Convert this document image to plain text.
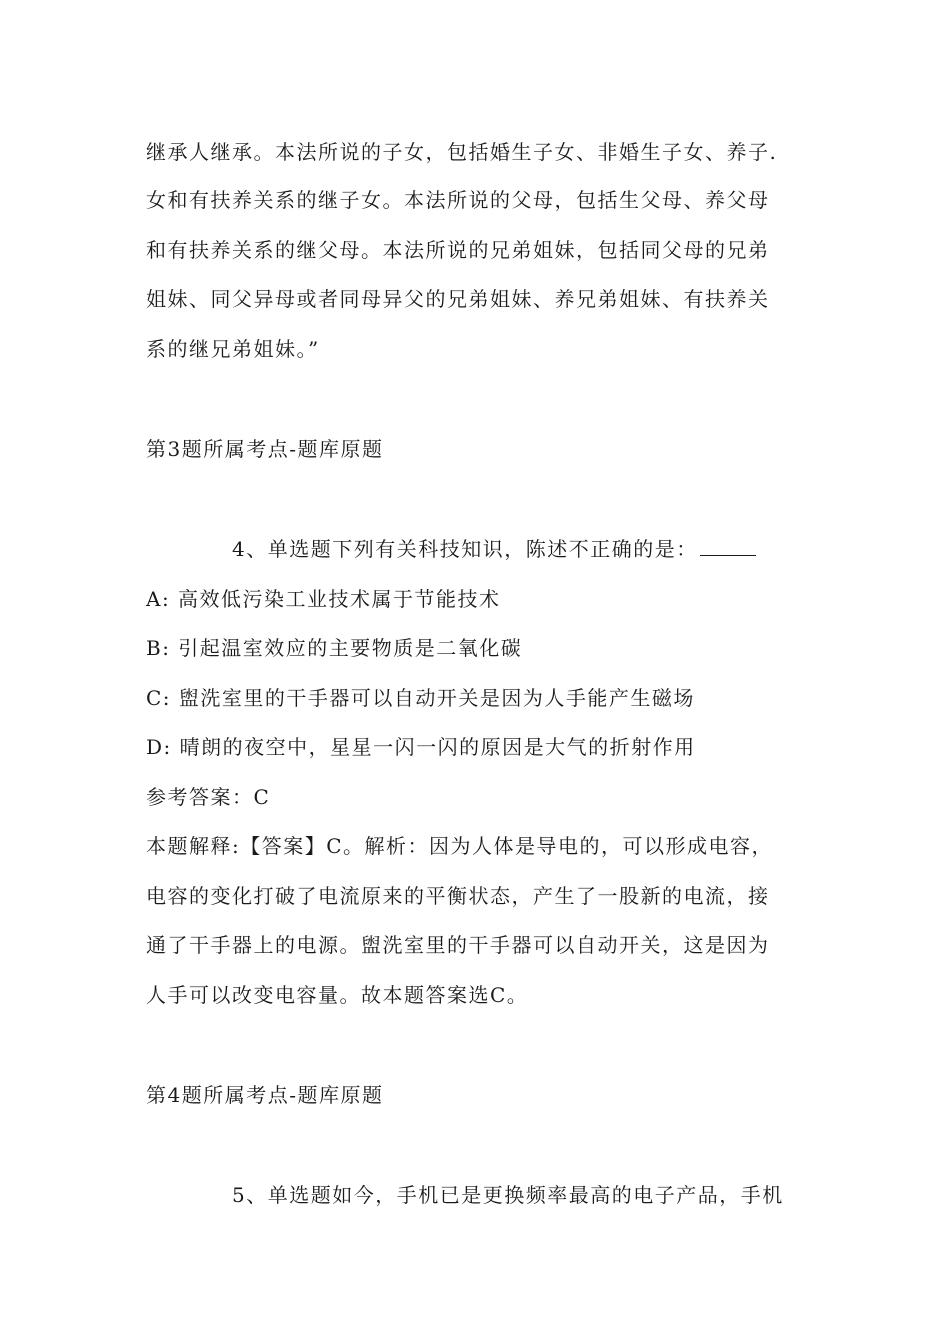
继承人继承。本法所说的子女，包括婚生子女、非婚生子女、养子.
女和有扶养关系的继子女。本法所说的父母，包括生父母、养父母
和有扶养关系的继父母。本法所说的兄弟姐妹，包括同父母的兄弟
姐妹、同父异母或者同母异父的兄弟姐妹、养兄弟姐妹、有扶养关
系的继兄弟姐妹。”
第3题所属考点-题库原题
4、单选题下列有关科技知识，陈述不正确的是：
A: 高效低污染工业技术属于节能技术
B: 引起温室效应的主要物质是二氧化碳
C: 盥洗室里的干手器可以自动开关是因为人手能产生磁场
D: 晴朗的夜空中，星星一闪一闪的原因是大气的折射作用
参考答案：C
本题解释:【答案】C。解析：因为人体是导电的，可以形成电容，
电容的变化打破了电流原来的平衡状态，产生了一股新的电流，接
通了干手器上的电源。盥洗室里的干手器可以自动开关，这是因为
人手可以改变电容量。故本题答案选C。
第4题所属考点-题库原题
5、单选题如今，手机已是更换频率最高的电子产品，手机
